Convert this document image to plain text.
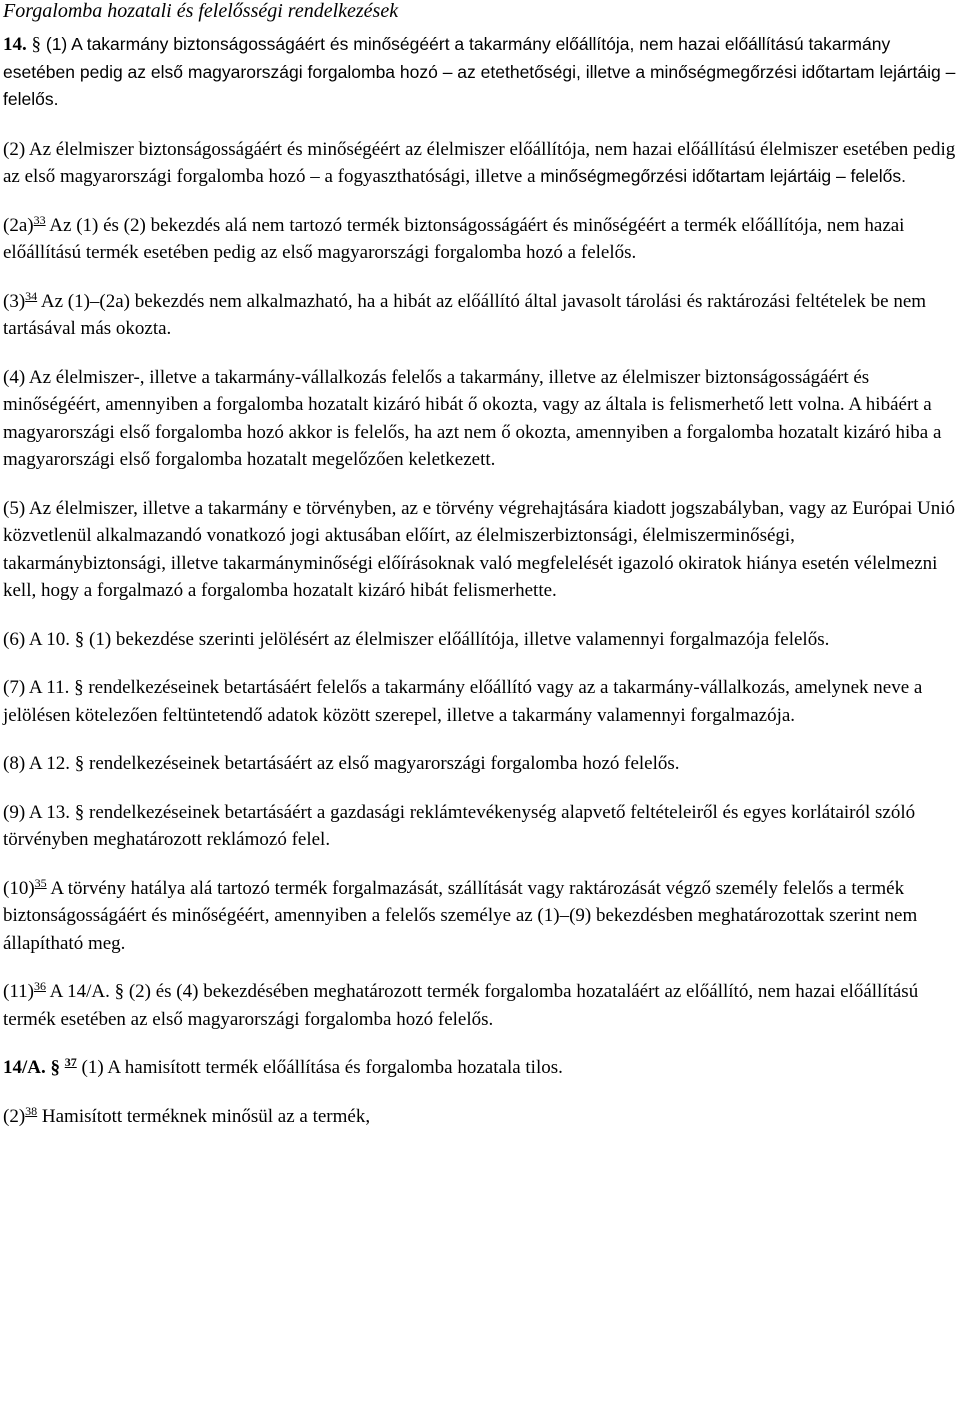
Forgalomba hozatali és felelősségi rendelkezések

14. § (1) A takarmány biztonságosságáért és minőségéért a takarmány előállítója, nem hazai előállítású takarmány esetében pedig az első magyarországi forgalomba hozó – az etethetőségi, illetve a minőségmegőrzési időtartam lejártáig – felelős.

(2) Az élelmiszer biztonságosságáért és minőségéért az élelmiszer előállítója, nem hazai előállítású élelmiszer esetében pedig az első magyarországi forgalomba hozó – a fogyaszthatósági, illetve a minőségmegőrzési időtartam lejártáig – felelős.

(2a)$^{33}$ Az (1) és (2) bekezdés alá nem tartozó termék biztonságosságáért és minőségéért a termék előállítója, nem hazai előállítású termék esetében pedig az első magyarországi forgalomba hozó a felelős.

(3)$^{34}$ Az (1)–(2a) bekezdés nem alkalmazható, ha a hibát az előállító által javasolt tárolási és raktározási feltételek be nem tartásával más okozta.

(4) Az élelmiszer-, illetve a takarmány-vállalkozás felelős a takarmány, illetve az élelmiszer biztonságosságáért és minőségéért, amennyiben a forgalomba hozatalt kizáró hibát ő okozta, vagy az általa is felismerhető lett volna. A hibáért a magyarországi első forgalomba hozó akkor is felelős, ha azt nem ő okozta, amennyiben a forgalomba hozatalt kizáró hiba a magyarországi első forgalomba hozatalt megelőzően keletkezett.

(5) Az élelmiszer, illetve a takarmány e törvényben, az e törvény végrehajtására kiadott jogszabályban, vagy az Európai Unió közvetlenül alkalmazandó vonatkozó jogi aktusában előírt, az élelmiszerbiztonsági, élelmiszerminőségi, takarmánybiztonsági, illetve takarmányminőségi előírásoknak való megfelelését igazoló okiratok hiánya esetén vélelmezni kell, hogy a forgalmazó a forgalomba hozatalt kizáró hibát felismerhette.

(6) A 10. § (1) bekezdése szerinti jelölésért az élelmiszer előállítója, illetve valamennyi forgalmazója felelős.

(7) A 11. § rendelkezéseinek betartásáért felelős a takarmány előállító vagy az a takarmány-vállalkozás, amelynek neve a jelölésen kötelezően feltüntetendő adatok között szerepel, illetve a takarmány valamennyi forgalmazója.

(8) A 12. § rendelkezéseinek betartásáért az első magyarországi forgalomba hozó felelős.

(9) A 13. § rendelkezéseinek betartásáért a gazdasági reklámtevékenység alapvető feltételeiről és egyes korlátairól szóló törvényben meghatározott reklámozó felel.

(10)$^{35}$ A törvény hatálya alá tartozó termék forgalmazását, szállítását vagy raktározását végző személy felelős a termék biztonságosságáért és minőségéért, amennyiben a felelős személye az (1)–(9) bekezdésben meghatározottak szerint nem állapítható meg.

(11)$^{36}$ A 14/A. § (2) és (4) bekezdésében meghatározott termék forgalomba hozataláért az előállító, nem hazai előállítású termék esetében az első magyarországi forgalomba hozó felelős.

14/A. § $^{37}$ (1) A hamisított termék előállítása és forgalomba hozatala tilos.

(2)$^{38}$ Hamisított terméknek minősül az a termék,
